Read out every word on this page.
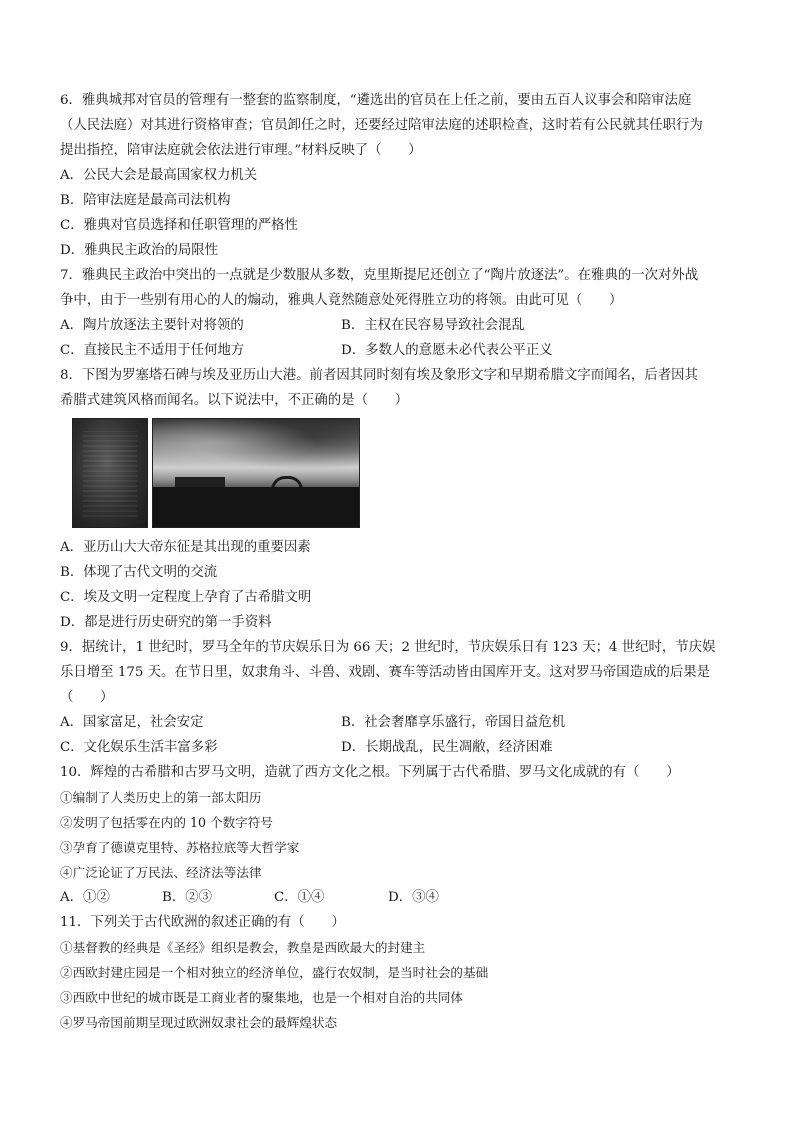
6．雅典城邦对官员的管理有一整套的监察制度，“遴选出的官员在上任之前，要由五百人议事会和陪审法庭
（人民法庭）对其进行资格审查；官员卸任之时，还要经过陪审法庭的述职检查，这时若有公民就其任职行为
提出指控，陪审法庭就会依法进行审理。”材料反映了（　　）
A．公民大会是最高国家权力机关
B．陪审法庭是最高司法机构
C．雅典对官员选择和任职管理的严格性
D．雅典民主政治的局限性
7．雅典民主政治中突出的一点就是少数服从多数，克里斯提尼还创立了“陶片放逐法”。在雅典的一次对外战
争中，由于一些别有用心的人的煽动，雅典人竟然随意处死得胜立功的将领。由此可见（　　）
A．陶片放逐法主要针对将领的	B．主权在民容易导致社会混乱
C．直接民主不适用于任何地方	D．多数人的意愿未必代表公平正义
8．下图为罗塞塔石碑与埃及亚历山大港。前者因其同时刻有埃及象形文字和早期希腊文字而闻名，后者因其
希腊式建筑风格而闻名。以下说法中，不正确的是（　　）
A．亚历山大大帝东征是其出现的重要因素
B．体现了古代文明的交流
C．埃及文明一定程度上孕育了古希腊文明
D．都是进行历史研究的第一手资料
9．据统计，1 世纪时，罗马全年的节庆娱乐日为 66 天；2 世纪时，节庆娱乐日有 123 天；4 世纪时，节庆娱
乐日增至 175 天。在节日里，奴隶角斗、斗兽、戏剧、赛车等活动皆由国库开支。这对罗马帝国造成的后果是
（　　）
A．国家富足，社会安定	B．社会奢靡享乐盛行，帝国日益危机
C．文化娱乐生活丰富多彩	D．长期战乱，民生凋敝，经济困难
10．辉煌的古希腊和古罗马文明，造就了西方文化之根。下列属于古代希腊、罗马文化成就的有（　　）
①编制了人类历史上的第一部太阳历
②发明了包括零在内的 10 个数字符号
③孕育了德谟克里特、苏格拉底等大哲学家
④广泛论证了万民法、经济法等法律
A．①②	B．②③	C．①④	D．③④
11．下列关于古代欧洲的叙述正确的有（　　）
①基督教的经典是《圣经》组织是教会，教皇是西欧最大的封建主
②西欧封建庄园是一个相对独立的经济单位，盛行农奴制，是当时社会的基础
③西欧中世纪的城市既是工商业者的聚集地，也是一个相对自治的共同体
④罗马帝国前期呈现过欧洲奴隶社会的最辉煌状态
